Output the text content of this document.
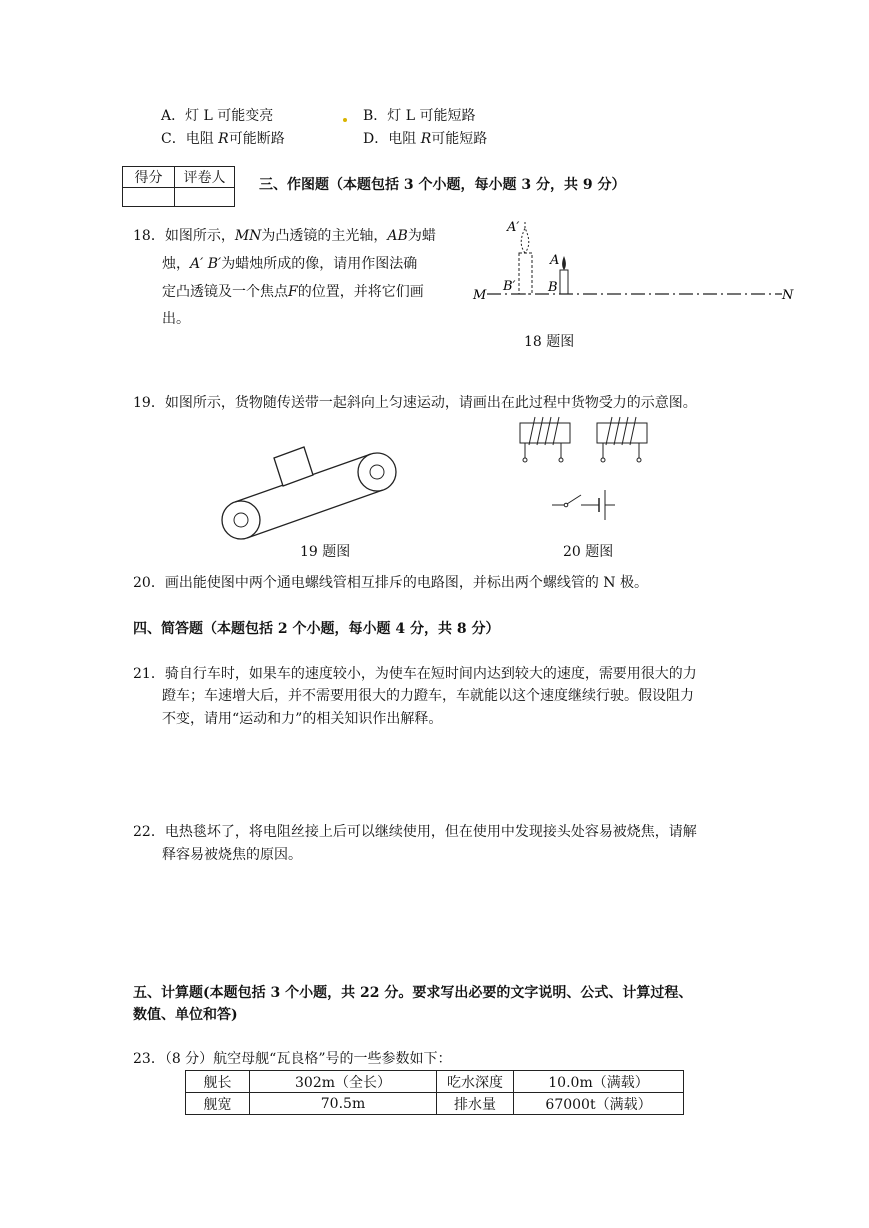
A．灯 L 可能变亮	B．灯 L 可能短路
C．电阻 R可能断路	D．电阻 R可能短路
得分	评卷人
	三、作图题（本题包括 3 个小题，每小题 3 分，共 9 分）
18．如图所示，MN为凸透镜的主光轴，AB为蜡
烛，A′ B′为蜡烛所成的像，请用作图法确
定凸透镜及一个焦点F的位置，并将它们画
出。
A′
A
B′ B
M	N
18 题图
19．如图所示，货物随传送带一起斜向上匀速运动，请画出在此过程中货物受力的示意图。
19 题图	20 题图
20．画出能使图中两个通电螺线管相互排斥的电路图，并标出两个螺线管的 N 极。
四、简答题（本题包括 2 个小题，每小题 4 分，共 8 分）
21．骑自行车时，如果车的速度较小，为使车在短时间内达到较大的速度，需要用很大的力
蹬车；车速增大后，并不需要用很大的力蹬车，车就能以这个速度继续行驶。假设阻力
不变，请用“运动和力”的相关知识作出解释。
22．电热毯坏了，将电阻丝接上后可以继续使用，但在使用中发现接头处容易被烧焦，请解
释容易被烧焦的原因。
五、计算题(本题包括 3 个小题，共 22 分。要求写出必要的文字说明、公式、计算过程、
数值、单位和答)
23．（8 分）航空母舰“瓦良格”号的一些参数如下：
舰长	302m（全长）	吃水深度	10.0m（满载）
舰宽	70.5m	排水量	67000t（满载）
